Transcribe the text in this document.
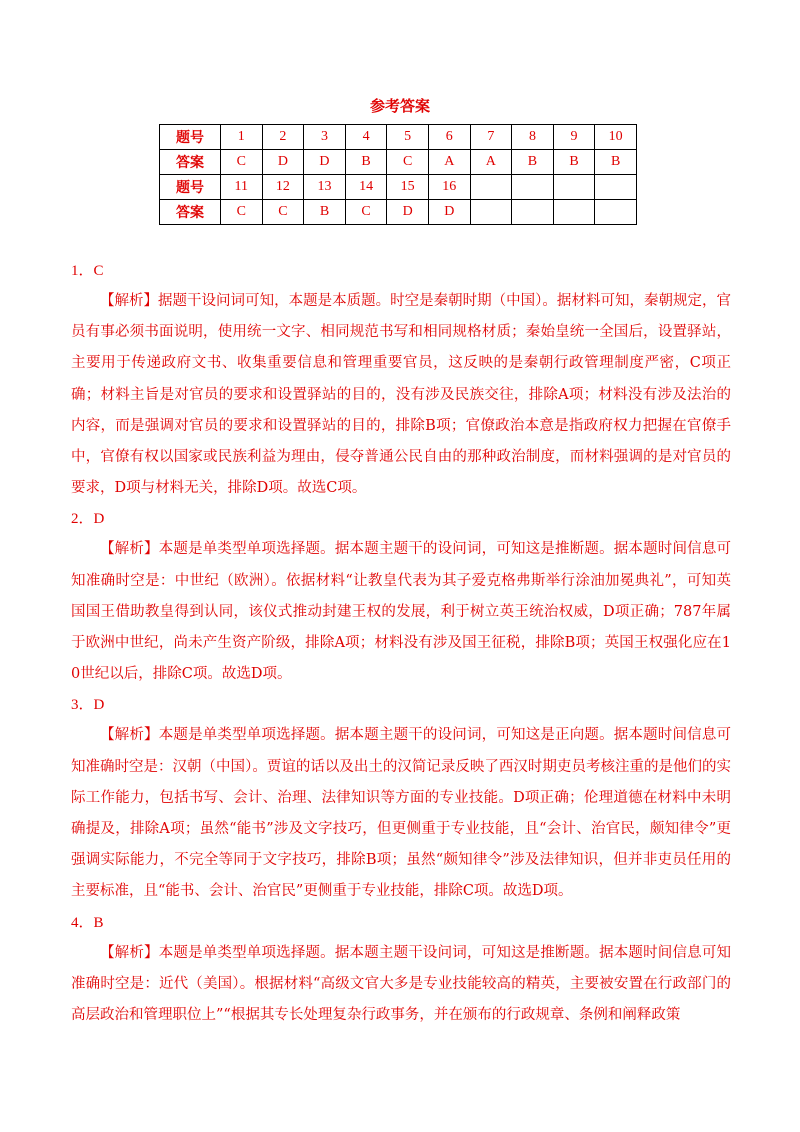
参考答案
题号	1	2	3	4	5	6	7	8	9	10
答案	C	D	D	B	C	A	A	B	B	B
题号	11	12	13	14	15	16				
答案	C	C	B	C	D	D				
1．C

【解析】据题干设问词可知，本题是本质题。时空是秦朝时期（中国）。据材料可知，秦朝规定，官员有事必须书面说明，使用统一文字、相同规范书写和相同规格材质；秦始皇统一全国后，设置驿站，主要用于传递政府文书、收集重要信息和管理重要官员，这反映的是秦朝行政管理制度严密，C项正确；材料主旨是对官员的要求和设置驿站的目的，没有涉及民族交往，排除A项；材料没有涉及法治的内容，而是强调对官员的要求和设置驿站的目的，排除B项；官僚政治本意是指政府权力把握在官僚手中，官僚有权以国家或民族利益为理由，侵夺普通公民自由的那种政治制度，而材料强调的是对官员的要求，D项与材料无关，排除D项。故选C项。

2．D

【解析】本题是单类型单项选择题。据本题主题干的设问词，可知这是推断题。据本题时间信息可知准确时空是：中世纪（欧洲）。依据材料“让教皇代表为其子爱克格弗斯举行涂油加冕典礼”，可知英国国王借助教皇得到认同，该仪式推动封建王权的发展，利于树立英王统治权威，D项正确；787年属于欧洲中世纪，尚未产生资产阶级，排除A项；材料没有涉及国王征税，排除B项；英国王权强化应在10世纪以后，排除C项。故选D项。

3．D

【解析】本题是单类型单项选择题。据本题主题干的设问词，可知这是正向题。据本题时间信息可知准确时空是：汉朝（中国）。贾谊的话以及出土的汉简记录反映了西汉时期吏员考核注重的是他们的实际工作能力，包括书写、会计、治理、法律知识等方面的专业技能。D项正确；伦理道德在材料中未明确提及，排除A项；虽然“能书”涉及文字技巧，但更侧重于专业技能，且“会计、治官民，颇知律令”更强调实际能力，不完全等同于文字技巧，排除B项；虽然“颇知律令”涉及法律知识，但并非吏员任用的主要标准，且“能书、会计、治官民”更侧重于专业技能，排除C项。故选D项。

4．B

【解析】本题是单类型单项选择题。据本题主题干设问词，可知这是推断题。据本题时间信息可知准确时空是：近代（美国）。根据材料“高级文官大多是专业技能较高的精英，主要被安置在行政部门的高层政治和管理职位上”“根据其专长处理复杂行政事务，并在颁布的行政规章、条例和阐释政策
